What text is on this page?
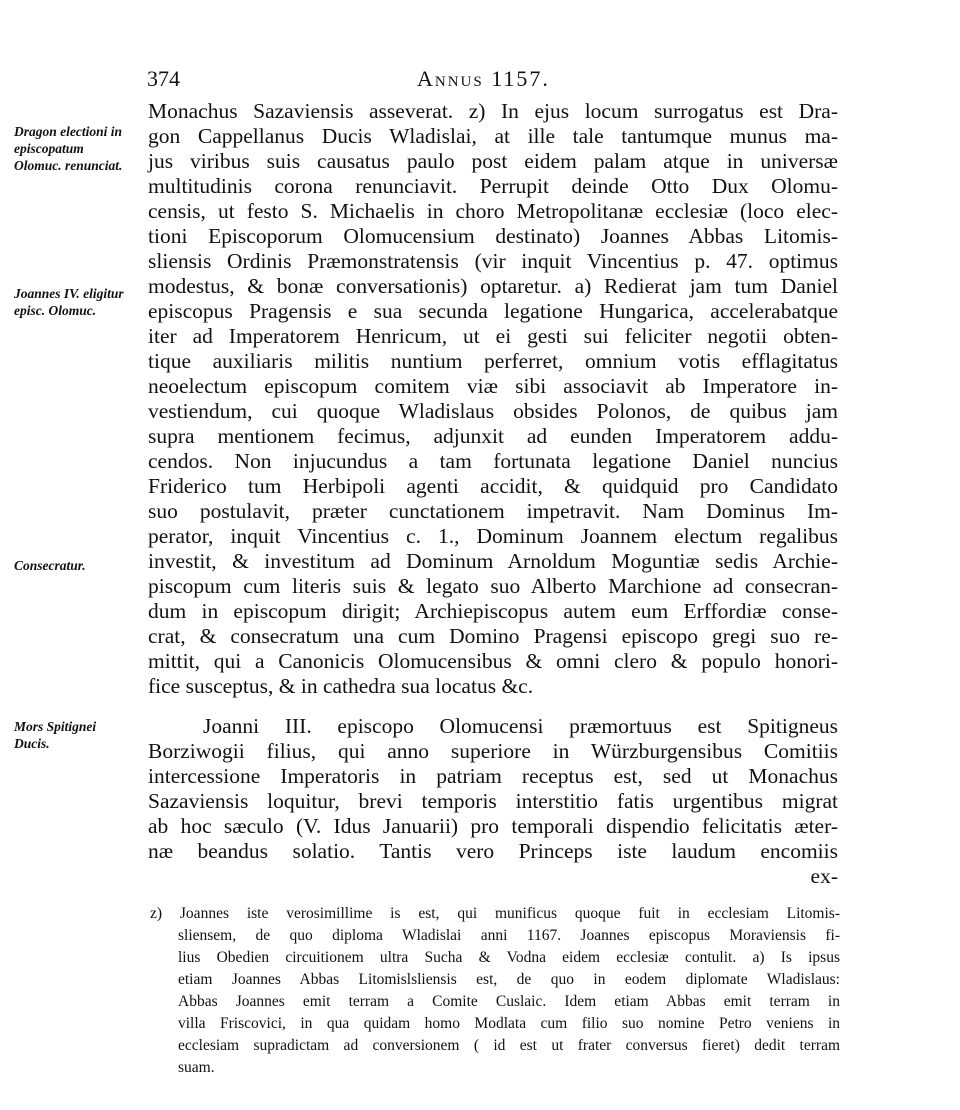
374	Annus 1157.
Dragon electioni in episcopatum Olomuc. renunciat.
Joannes IV. eligitur episc. Olomuc.
Consecratur.
Mors Spitignei Ducis.
Monachus Sazaviensis asseverat. z) In ejus locum surrogatus est Dra-
gon Cappellanus Ducis Wladislai, at ille tale tantumque munus ma-
jus viribus suis causatus paulo post eidem palam atque in universæ
multitudinis corona renunciavit. Perrupit deinde Otto Dux Olomu-
censis, ut festo S. Michaelis in choro Metropolitanæ ecclesiæ (loco elec-
tioni Episcoporum Olomucensium destinato) Joannes Abbas Litomis-
sliensis Ordinis Præmonstratensis (vir inquit Vincentius p. 47. optimus
modestus, & bonæ conversationis) optaretur. a) Redierat jam tum Daniel
episcopus Pragensis e sua secunda legatione Hungarica, accelerabatque
iter ad Imperatorem Henricum, ut ei gesti sui feliciter negotii obten-
tique auxiliaris militis nuntium perferret, omnium votis efflagitatus
neoelectum episcopum comitem viæ sibi associavit ab Imperatore in-
vestiendum, cui quoque Wladislaus obsides Polonos, de quibus jam
supra mentionem fecimus, adjunxit ad eunden Imperatorem addu-
cendos. Non injucundus a tam fortunata legatione Daniel nuncius
Friderico tum Herbipoli agenti accidit, & quidquid pro Candidato
suo postulavit, præter cunctationem impetravit. Nam Dominus Im-
perator, inquit Vincentius c. 1., Dominum Joannem electum regalibus
investit, & investitum ad Dominum Arnoldum Moguntiæ sedis Archie-
piscopum cum literis suis & legato suo Alberto Marchione ad consecran-
dum in episcopum dirigit; Archiepiscopus autem eum Erffordiæ conse-
crat, & consecratum una cum Domino Pragensi episcopo gregi suo re-
mittit, qui a Canonicis Olomucensibus & omni clero & populo honori-
fice susceptus, & in cathedra sua locatus &c.
Joanni III. episcopo Olomucensi præmortuus est Spitigneus
Borziwogii filius, qui anno superiore in Würzburgensibus Comitiis
intercessione Imperatoris in patriam receptus est, sed ut Monachus
Sazaviensis loquitur, brevi temporis interstitio fatis urgentibus migrat
ab hoc sæculo (V. Idus Januarii) pro temporali dispendio felicitatis æter-
næ beandus solatio. Tantis vero Princeps iste laudum encomiis
ex-
z) Joannes iste verosimillime is est, qui munificus quoque fuit in ecclesiam Litomis-
sliensem, de quo diploma Wladislai anni 1167. Joannes episcopus Moraviensis fi-
lius Obedien circuitionem ultra Sucha & Vodna eidem ecclesiæ contulit. a) Is ipsus
etiam Joannes Abbas Litomislsliensis est, de quo in eodem diplomate Wladislaus:
Abbas Joannes emit terram a Comite Cuslaic. Idem etiam Abbas emit terram in
villa Friscovici, in qua quidam homo Modlata cum filio suo nomine Petro veniens in
ecclesiam supradictam ad conversionem ( id est ut frater conversus fieret) dedit terram
suam.
